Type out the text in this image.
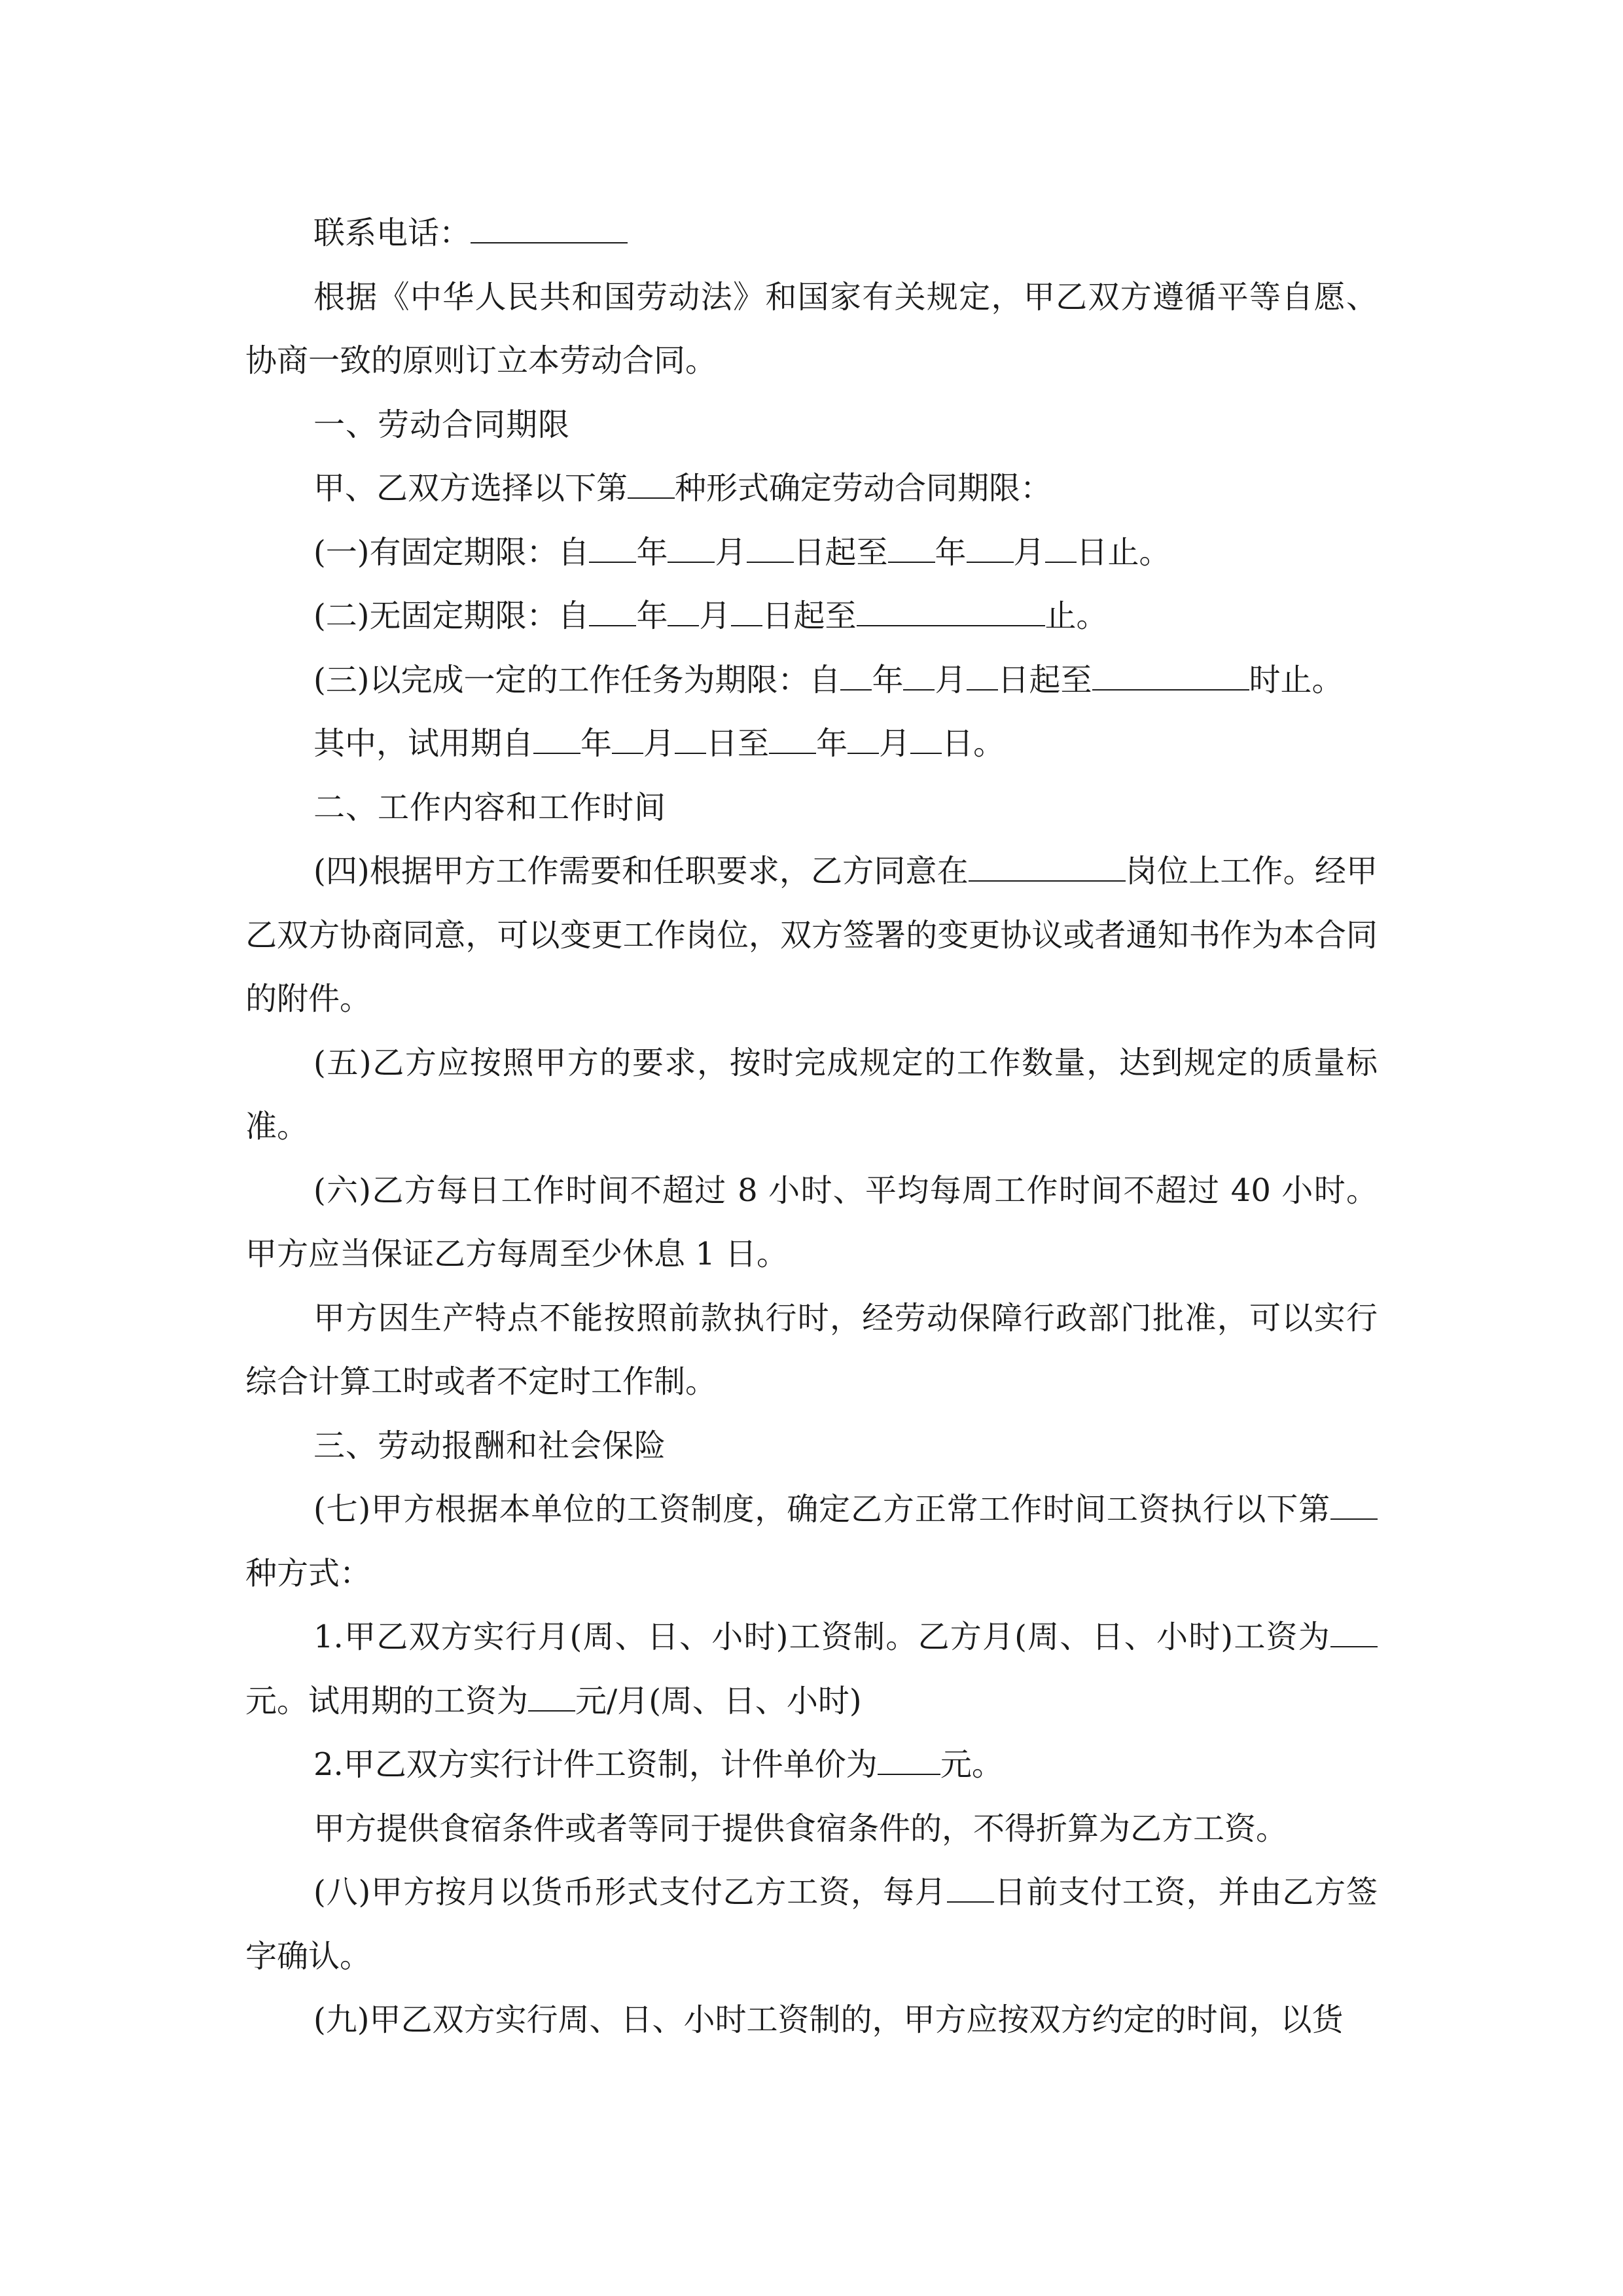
联系电话：

根据《中华人民共和国劳动法》和国家有关规定，甲乙双方遵循平等自愿、协商一致的原则订立本劳动合同。

一、劳动合同期限

甲、乙双方选择以下第 种形式确定劳动合同期限：

(一)有固定期限：自 年 月 日起至 年 月 日止。

(二)无固定期限：自 年 月 日起至	止。

(三)以完成一定的工作任务为期限：自 年 月 日起至	时止。

其中，试用期自 年 月 日至 年 月 日。

二、工作内容和工作时间

(四)根据甲方工作需要和任职要求，乙方同意在	岗位上工作。经甲乙双方协商同意，可以变更工作岗位，双方签署的变更协议或者通知书作为本合同的附件。

(五)乙方应按照甲方的要求，按时完成规定的工作数量，达到规定的质量标准。

(六)乙方每日工作时间不超过 8 小时、平均每周工作时间不超过 40 小时。甲方应当保证乙方每周至少休息 1 日。

甲方因生产特点不能按照前款执行时，经劳动保障行政部门批准，可以实行综合计算工时或者不定时工作制。

三、劳动报酬和社会保险

(七)甲方根据本单位的工资制度，确定乙方正常工作时间工资执行以下第种方式：

1.甲乙双方实行月(周、日、小时)工资制。乙方月(周、日、小时)工资为元。试用期的工资为 元/月(周、日、小时)

2.甲乙双方实行计件工资制，计件单价为 元。

甲方提供食宿条件或者等同于提供食宿条件的，不得折算为乙方工资。

(八)甲方按月以货币形式支付乙方工资，每月 日前支付工资，并由乙方签字确认。

(九)甲乙双方实行周、日、小时工资制的，甲方应按双方约定的时间，以货
